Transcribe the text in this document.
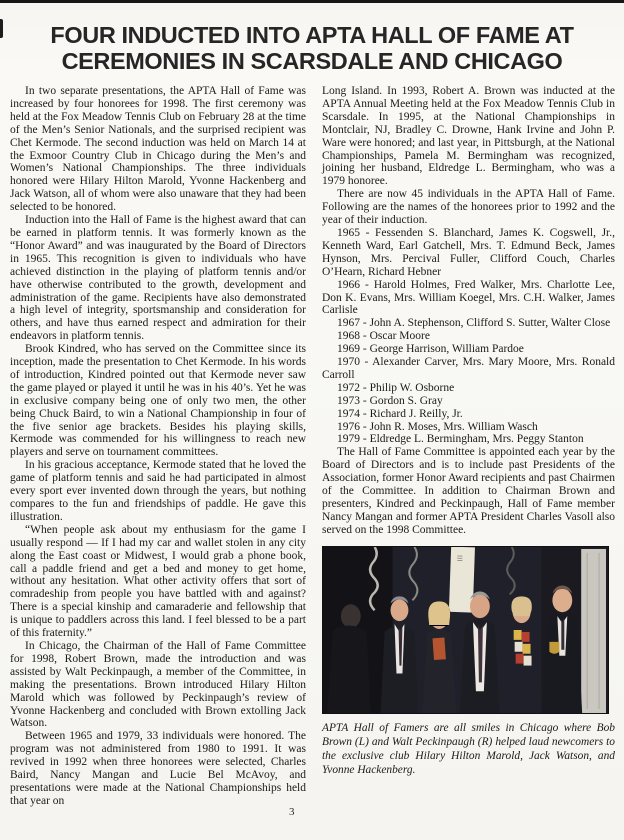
FOUR INDUCTED INTO APTA HALL OF FAME AT
CEREMONIES IN SCARSDALE AND CHICAGO

In two separate presentations, the APTA Hall of Fame was increased by four honorees for 1998. The first ceremony was held at the Fox Meadow Tennis Club on February 28 at the time of the Men’s Senior Nationals, and the surprised recipient was Chet Kermode. The second induction was held on March 14 at the Exmoor Country Club in Chicago during the Men’s and Women’s National Championships. The three individuals honored were Hilary Hilton Marold, Yvonne Hackenberg and Jack Watson, all of whom were also unaware that they had been selected to be honored.

Induction into the Hall of Fame is the highest award that can be earned in platform tennis. It was formerly known as the “Honor Award” and was inaugurated by the Board of Directors in 1965. This recognition is given to individuals who have achieved distinction in the playing of platform tennis and/or have otherwise contributed to the growth, development and administration of the game. Recipients have also demonstrated a high level of integrity, sportsmanship and consideration for others, and have thus earned respect and admiration for their endeavors in platform tennis.

Brook Kindred, who has served on the Committee since its inception, made the presentation to Chet Kermode. In his words of introduction, Kindred pointed out that Kermode never saw the game played or played it until he was in his 40’s. Yet he was in exclusive company being one of only two men, the other being Chuck Baird, to win a National Championship in four of the five senior age brackets. Besides his playing skills, Kermode was commended for his willingness to reach new players and serve on tournament committees.

In his gracious acceptance, Kermode stated that he loved the game of platform tennis and said he had participated in almost every sport ever invented down through the years, but nothing compares to the fun and friendships of paddle. He gave this illustration.

“When people ask about my enthusiasm for the game I usually respond — If I had my car and wallet stolen in any city along the East coast or Midwest, I would grab a phone book, call a paddle friend and get a bed and money to get home, without any hesitation. What other activity offers that sort of comradeship from people you have battled with and against? There is a special kinship and camaraderie and fellowship that is unique to paddlers across this land. I feel blessed to be a part of this fraternity.”

In Chicago, the Chairman of the Hall of Fame Committee for 1998, Robert Brown, made the introduction and was assisted by Walt Peckinpaugh, a member of the Committee, in making the presentations. Brown introduced Hilary Hilton Marold which was followed by Peckinpaugh’s review of Yvonne Hackenberg and concluded with Brown extolling Jack Watson.

Between 1965 and 1979, 33 individuals were honored. The program was not administered from 1980 to 1991. It was revived in 1992 when three honorees were selected, Charles Baird, Nancy Mangan and Lucie Bel McAvoy, and presentations were made at the National Championships held that year on

Long Island. In 1993, Robert A. Brown was inducted at the APTA Annual Meeting held at the Fox Meadow Tennis Club in Scarsdale. In 1995, at the National Championships in Montclair, NJ, Bradley C. Drowne, Hank Irvine and John P. Ware were honored; and last year, in Pittsburgh, at the National Championships, Pamela M. Bermingham was recognized, joining her husband, Eldredge L. Bermingham, who was a 1979 honoree.

There are now 45 individuals in the APTA Hall of Fame. Following are the names of the honorees prior to 1992 and the year of their induction.

1965 - Fessenden S. Blanchard, James K. Cogswell, Jr., Kenneth Ward, Earl Gatchell, Mrs. T. Edmund Beck, James Hynson, Mrs. Percival Fuller, Clifford Couch, Charles O’Hearn, Richard Hebner

1966 - Harold Holmes, Fred Walker, Mrs. Charlotte Lee, Don K. Evans, Mrs. William Koegel, Mrs. C.H. Walker, James Carlisle

1967 - John A. Stephenson, Clifford S. Sutter, Walter Close

1968 - Oscar Moore

1969 - George Harrison, William Pardoe

1970 - Alexander Carver, Mrs. Mary Moore, Mrs. Ronald Carroll

1972 - Philip W. Osborne

1973 - Gordon S. Gray

1974 - Richard J. Reilly, Jr.

1976 - John R. Moses, Mrs. William Wasch

1979 - Eldredge L. Bermingham, Mrs. Peggy Stanton

The Hall of Fame Committee is appointed each year by the Board of Directors and is to include past Presidents of the Association, former Honor Award recipients and past Chairmen of the Committee. In addition to Chairman Brown and presenters, Kindred and Peckinpaugh, Hall of Fame member Nancy Mangan and former APTA President Charles Vasoll also served on the 1998 Committee.

☰
APTA Hall of Famers are all smiles in Chicago where Bob Brown (L) and Walt Peckinpaugh (R) helped laud newcomers to the exclusive club Hilary Hilton Marold, Jack Watson, and Yvonne Hackenberg.
3
